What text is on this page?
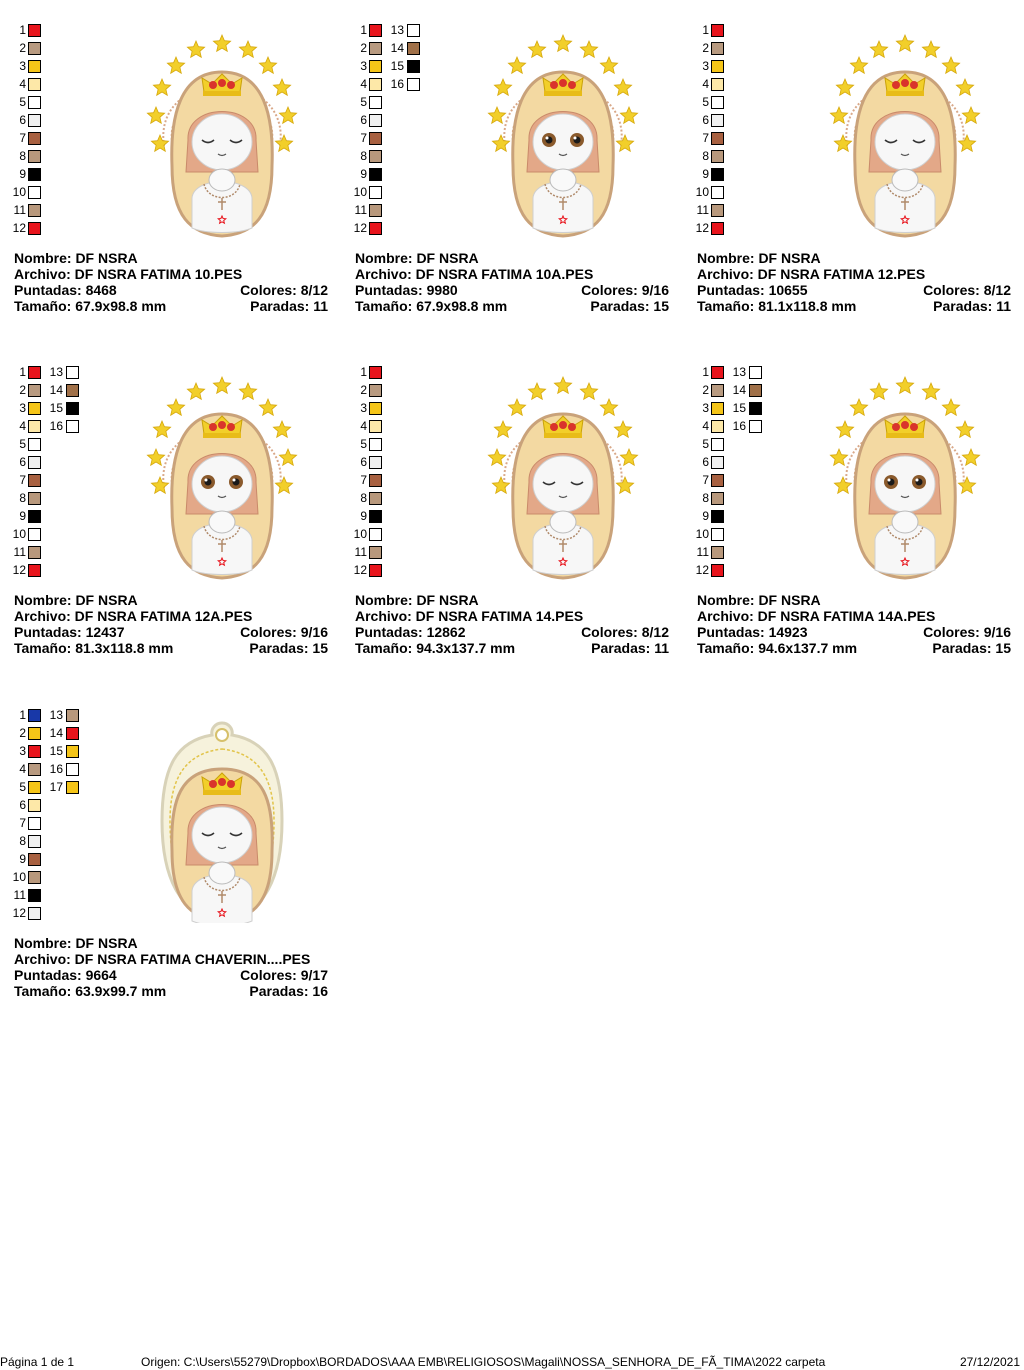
1
2
3
4
5
6
7
8
9
10
11
12
Nombre: DF NSRA
Archivo: DF NSRA FATIMA 10.PES
Puntadas: 8468	Colores: 8/12
Tamaño: 67.9x98.8 mm	Paradas: 11
1
2
3
4
5
6
7
8
9
10
11
12
13
14
15
16
Nombre: DF NSRA
Archivo: DF NSRA FATIMA 10A.PES
Puntadas: 9980	Colores: 9/16
Tamaño: 67.9x98.8 mm	Paradas: 15
1
2
3
4
5
6
7
8
9
10
11
12
Nombre: DF NSRA
Archivo: DF NSRA FATIMA 12.PES
Puntadas: 10655	Colores: 8/12
Tamaño: 81.1x118.8 mm	Paradas: 11
1
2
3
4
5
6
7
8
9
10
11
12
13
14
15
16
Nombre: DF NSRA
Archivo: DF NSRA FATIMA 12A.PES
Puntadas: 12437	Colores: 9/16
Tamaño: 81.3x118.8 mm	Paradas: 15
1
2
3
4
5
6
7
8
9
10
11
12
Nombre: DF NSRA
Archivo: DF NSRA FATIMA 14.PES
Puntadas: 12862	Colores: 8/12
Tamaño: 94.3x137.7 mm	Paradas: 11
1
2
3
4
5
6
7
8
9
10
11
12
13
14
15
16
Nombre: DF NSRA
Archivo: DF NSRA FATIMA 14A.PES
Puntadas: 14923	Colores: 9/16
Tamaño: 94.6x137.7 mm	Paradas: 15
1
2
3
4
5
6
7
8
9
10
11
12
13
14
15
16
17
Nombre: DF NSRA
Archivo: DF NSRA FATIMA CHAVERIN....PES
Puntadas: 9664	Colores: 9/17
Tamaño: 63.9x99.7 mm	Paradas: 16
Página 1 de 1	Origen: C:\Users\55279\Dropbox\BORDADOS\AAA EMB\RELIGIOSOS\Magali\NOSSA_SENHORA_DE_FÃ_TIMA\2022 carpeta	27/12/2021
